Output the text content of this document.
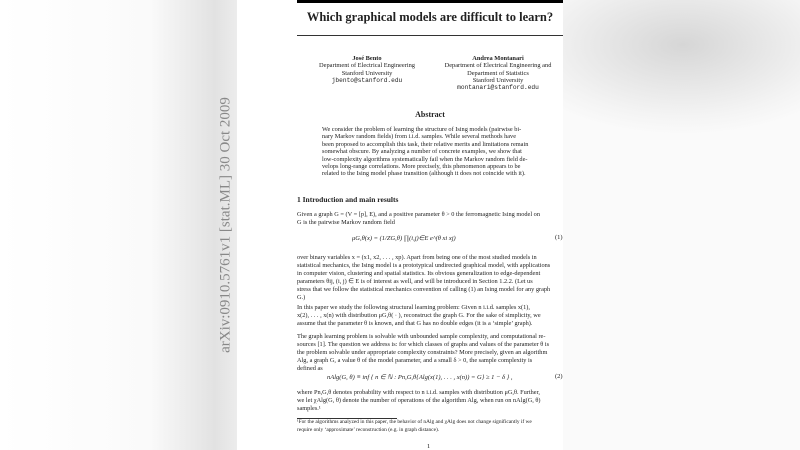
arXiv:0910.5761v1 [stat.ML] 30 Oct 2009
Which graphical models are difficult to learn?
José Bento
Department of Electrical Engineering
Stanford University
jbento@stanford.edu
Andrea Montanari
Department of Electrical Engineering and
Department of Statistics
Stanford University
montanari@stanford.edu
Abstract
We consider the problem of learning the structure of Ising models (pairwise bi-
nary Markov random fields) from i.i.d. samples. While several methods have
been proposed to accomplish this task, their relative merits and limitations remain
somewhat obscure. By analyzing a number of concrete examples, we show that
low-complexity algorithms systematically fail when the Markov random field de-
velops long-range correlations. More precisely, this phenomenon appears to be
related to the Ising model phase transition (although it does not coincide with it).
1 Introduction and main results
Given a graph G = (V = [p], E), and a positive parameter θ > 0 the ferromagnetic Ising model on
G is the pairwise Markov random field
μG,θ(x) = (1/ZG,θ) ∏(i,j)∈E e^(θ xi xj)	(1)
over binary variables x = (x1, x2, . . . , xp). Apart from being one of the most studied models in
statistical mechanics, the Ising model is a prototypical undirected graphical model, with applications
in computer vision, clustering and spatial statistics. Its obvious generalization to edge-dependent
parameters θij, (i, j) ∈ E is of interest as well, and will be introduced in Section 1.2.2. (Let us
stress that we follow the statistical mechanics convention of calling (1) an Ising model for any graph
G.)
In this paper we study the following structural learning problem: Given n i.i.d. samples x(1),
x(2), . . . , x(n) with distribution μG,θ( · ), reconstruct the graph G. For the sake of simplicity, we
assume that the parameter θ is known, and that G has no double edges (it is a ‘simple’ graph).
The graph learning problem is solvable with unbounded sample complexity, and computational re-
sources [1]. The question we address is: for which classes of graphs and values of the parameter θ is
the problem solvable under appropriate complexity constraints? More precisely, given an algorithm
Alg, a graph G, a value θ of the model parameter, and a small δ > 0, the sample complexity is
defined as
nAlg(G, θ) ≡ inf { n ∈ ℕ : Pn,G,θ{Alg(x(1), . . . , x(n)) = G} ≥ 1 − δ } ,	(2)
where Pn,G,θ denotes probability with respect to n i.i.d. samples with distribution μG,θ. Further,
we let χAlg(G, θ) denote the number of operations of the algorithm Alg, when run on nAlg(G, θ)
samples.¹
¹For the algorithms analyzed in this paper, the behavior of nAlg and χAlg does not change significantly if we
require only ‘approximate’ reconstruction (e.g. in graph distance).
1
